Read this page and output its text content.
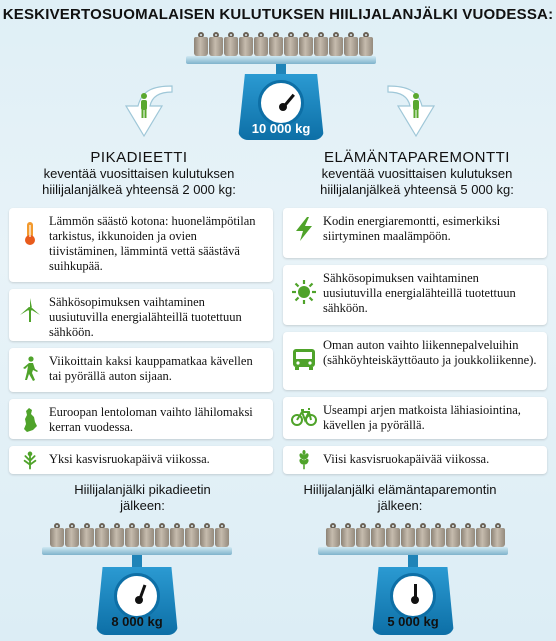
KESKIVERTOSUOMALAISEN KULUTUKSEN HIILIJALANJÄLKI VUODESSA:
10 000 kg
PIKADIEETTI
keventää vuosittaisen kulutuksen hiilijalanjälkeä yhteensä 2 000 kg:
ELÄMÄNTAPAREMONTTI
keventää vuosittaisen kulutuksen hiilijalanjälkeä yhteensä 5 000 kg:
Lämmön säästö kotona: huonelämpötilan tarkistus, ikkunoiden ja ovien tiivistäminen, lämmintä vettä säästävä suihkupää.
Sähkösopimuksen vaihtaminen uusiutuvilla energialähteillä tuotettuun sähköön.
Viikoittain kaksi kauppamatkaa kävellen tai pyörällä auton sijaan.
Euroopan lentoloman vaihto lähilomaksi kerran vuodessa.
Yksi kasvisruokapäivä viikossa.
Kodin energiaremontti, esimerkiksi siirtyminen maalämpöön.
Sähkösopimuksen vaihtaminen uusiutuvilla energialähteillä tuotettuun sähköön.
Oman auton vaihto liikennepalveluihin (sähköyhteiskäyttöauto ja joukkoliikenne).
Useampi arjen matkoista lähiasiointina, kävellen ja pyörällä.
Viisi kasvisruokapäivää viikossa.
Hiilijalanjälki pikadieetin jälkeen:
Hiilijalanjälki elämäntaparemontin jälkeen:
8 000 kg	5 000 kg
